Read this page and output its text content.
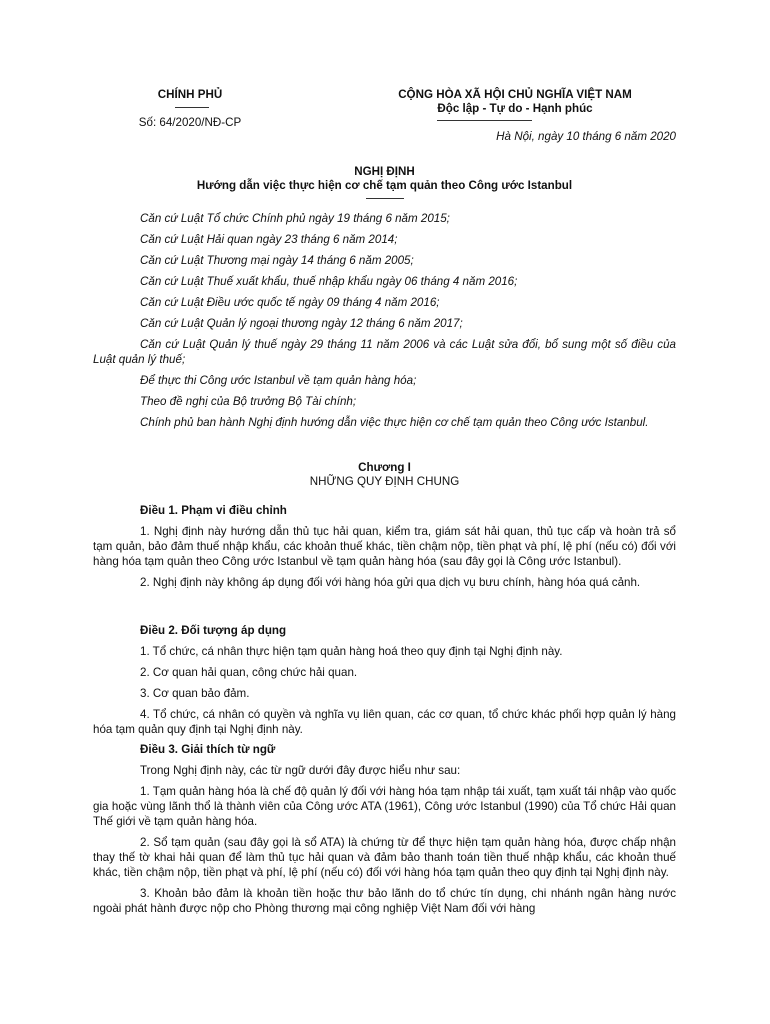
CHÍNH PHỦ
Số: 64/2020/NĐ-CP
CỘNG HÒA XÃ HỘI CHỦ NGHĨA VIỆT NAM
Độc lập - Tự do - Hạnh phúc
Hà Nội, ngày 10 tháng 6 năm 2020
NGHỊ ĐỊNH
Hướng dẫn việc thực hiện cơ chế tạm quản theo Công ước Istanbul
Căn cứ Luật Tổ chức Chính phủ ngày 19 tháng 6 năm 2015;
Căn cứ Luật Hải quan ngày 23 tháng 6 năm 2014;
Căn cứ Luật Thương mại ngày 14 tháng 6 năm 2005;
Căn cứ Luật Thuế xuất khẩu, thuế nhập khẩu ngày 06 tháng 4 năm 2016;
Căn cứ Luật Điều ước quốc tế ngày 09 tháng 4 năm 2016;
Căn cứ Luật Quản lý ngoại thương ngày 12 tháng 6 năm 2017;
Căn cứ Luật Quản lý thuế ngày 29 tháng 11 năm 2006 và các Luật sửa đổi, bổ sung một số điều của Luật quản lý thuế;
Để thực thi Công ước Istanbul về tạm quản hàng hóa;
Theo đề nghị của Bộ trưởng Bộ Tài chính;
Chính phủ ban hành Nghị định hướng dẫn việc thực hiện cơ chế tạm quản theo Công ước Istanbul.
Chương I
NHỮNG QUY ĐỊNH CHUNG
Điều 1. Phạm vi điều chỉnh
1. Nghị định này hướng dẫn thủ tục hải quan, kiểm tra, giám sát hải quan, thủ tục cấp và hoàn trả sổ tạm quản, bảo đảm thuế nhập khẩu, các khoản thuế khác, tiền chậm nộp, tiền phạt và phí, lệ phí (nếu có) đối với hàng hóa tạm quản theo Công ước Istanbul về tạm quản hàng hóa (sau đây gọi là Công ước Istanbul).
2. Nghị định này không áp dụng đối với hàng hóa gửi qua dịch vụ bưu chính, hàng hóa quá cảnh.
Điều 2. Đối tượng áp dụng
1. Tổ chức, cá nhân thực hiện tạm quản hàng hoá theo quy định tại Nghị định này.
2. Cơ quan hải quan, công chức hải quan.
3. Cơ quan bảo đảm.
4. Tổ chức, cá nhân có quyền và nghĩa vụ liên quan, các cơ quan, tổ chức khác phối hợp quản lý hàng hóa tạm quản quy định tại Nghị định này.
Điều 3. Giải thích từ ngữ
Trong Nghị định này, các từ ngữ dưới đây được hiểu như sau:
1. Tạm quản hàng hóa là chế độ quản lý đối với hàng hóa tạm nhập tái xuất, tạm xuất tái nhập vào quốc gia hoặc vùng lãnh thổ là thành viên của Công ước ATA (1961), Công ước Istanbul (1990) của Tổ chức Hải quan Thế giới về tạm quản hàng hóa.
2. Sổ tạm quản (sau đây gọi là sổ ATA) là chứng từ để thực hiện tạm quản hàng hóa, được chấp nhận thay thế tờ khai hải quan để làm thủ tục hải quan và đảm bảo thanh toán tiền thuế nhập khẩu, các khoản thuế khác, tiền chậm nộp, tiền phạt và phí, lệ phí (nếu có) đối với hàng hóa tạm quản theo quy định tại Nghị định này.
3. Khoản bảo đảm là khoản tiền hoặc thư bảo lãnh do tổ chức tín dụng, chi nhánh ngân hàng nước ngoài phát hành được nộp cho Phòng thương mại công nghiệp Việt Nam đối với hàng
